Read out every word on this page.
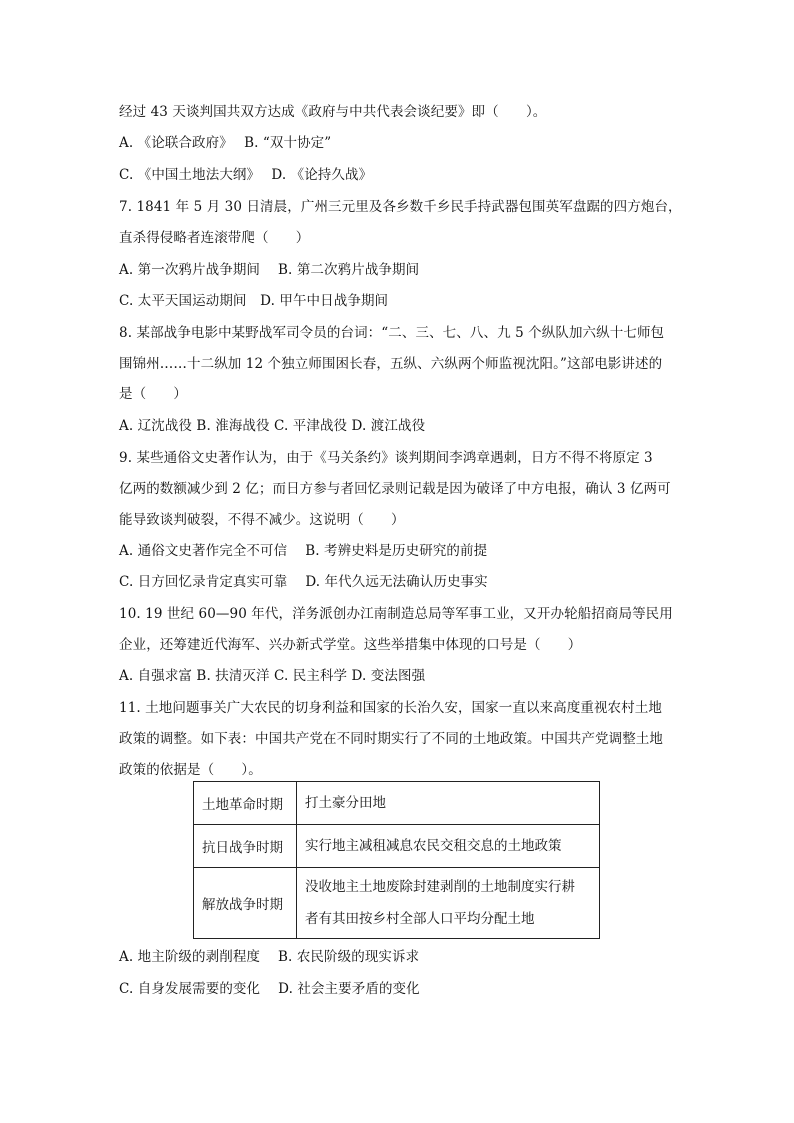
经过 43 天谈判国共双方达成《政府与中共代表会谈纪要》即（　　）。
A. 《论联合政府》　 B. “双十协定”
C. 《中国土地法大纲》　 D. 《论持久战》
7. 1841 年 5 月 30 日清晨，广州三元里及各乡数千乡民手持武器包围英军盘踞的四方炮台，
直杀得侵略者连滚带爬（　　）
A. 第一次鸦片战争期间　 B. 第二次鸦片战争期间
C. 太平天国运动期间　D. 甲午中日战争期间
8. 某部战争电影中某野战军司令员的台词：“二、三、七、八、九 5 个纵队加六纵十七师包
围锦州……十二纵加 12 个独立师围困长春，五纵、六纵两个师监视沈阳。”这部电影讲述的
是（　　）
A. 辽沈战役 B. 淮海战役 C. 平津战役 D. 渡江战役
9. 某些通俗文史著作认为，由于《马关条约》谈判期间李鸿章遇刺，日方不得不将原定 3
亿两的数额减少到 2 亿；而日方参与者回忆录则记载是因为破译了中方电报，确认 3 亿两可
能导致谈判破裂，不得不减少。这说明（　　）
A. 通俗文史著作完全不可信　 B. 考辨史料是历史研究的前提
C. 日方回忆录肯定真实可靠　 D. 年代久远无法确认历史事实
10. 19 世纪 60—90 年代，洋务派创办江南制造总局等军事工业，又开办轮船招商局等民用
企业，还筹建近代海军、兴办新式学堂。这些举措集中体现的口号是（　　）
A. 自强求富 B. 扶清灭洋 C. 民主科学 D. 变法图强
11. 土地问题事关广大农民的切身利益和国家的长治久安，国家一直以来高度重视农村土地
政策的调整。如下表：中国共产党在不同时期实行了不同的土地政策。中国共产党调整土地
政策的依据是（　　）。
土地革命时期	打土豪分田地

抗日战争时期	实行地主减租减息农民交租交息的土地政策

解放战争时期	没收地主土地废除封建剥削的土地制度实行耕
者有其田按乡村全部人口平均分配土地
A. 地主阶级的剥削程度　 B. 农民阶级的现实诉求
C. 自身发展需要的变化　 D. 社会主要矛盾的变化
